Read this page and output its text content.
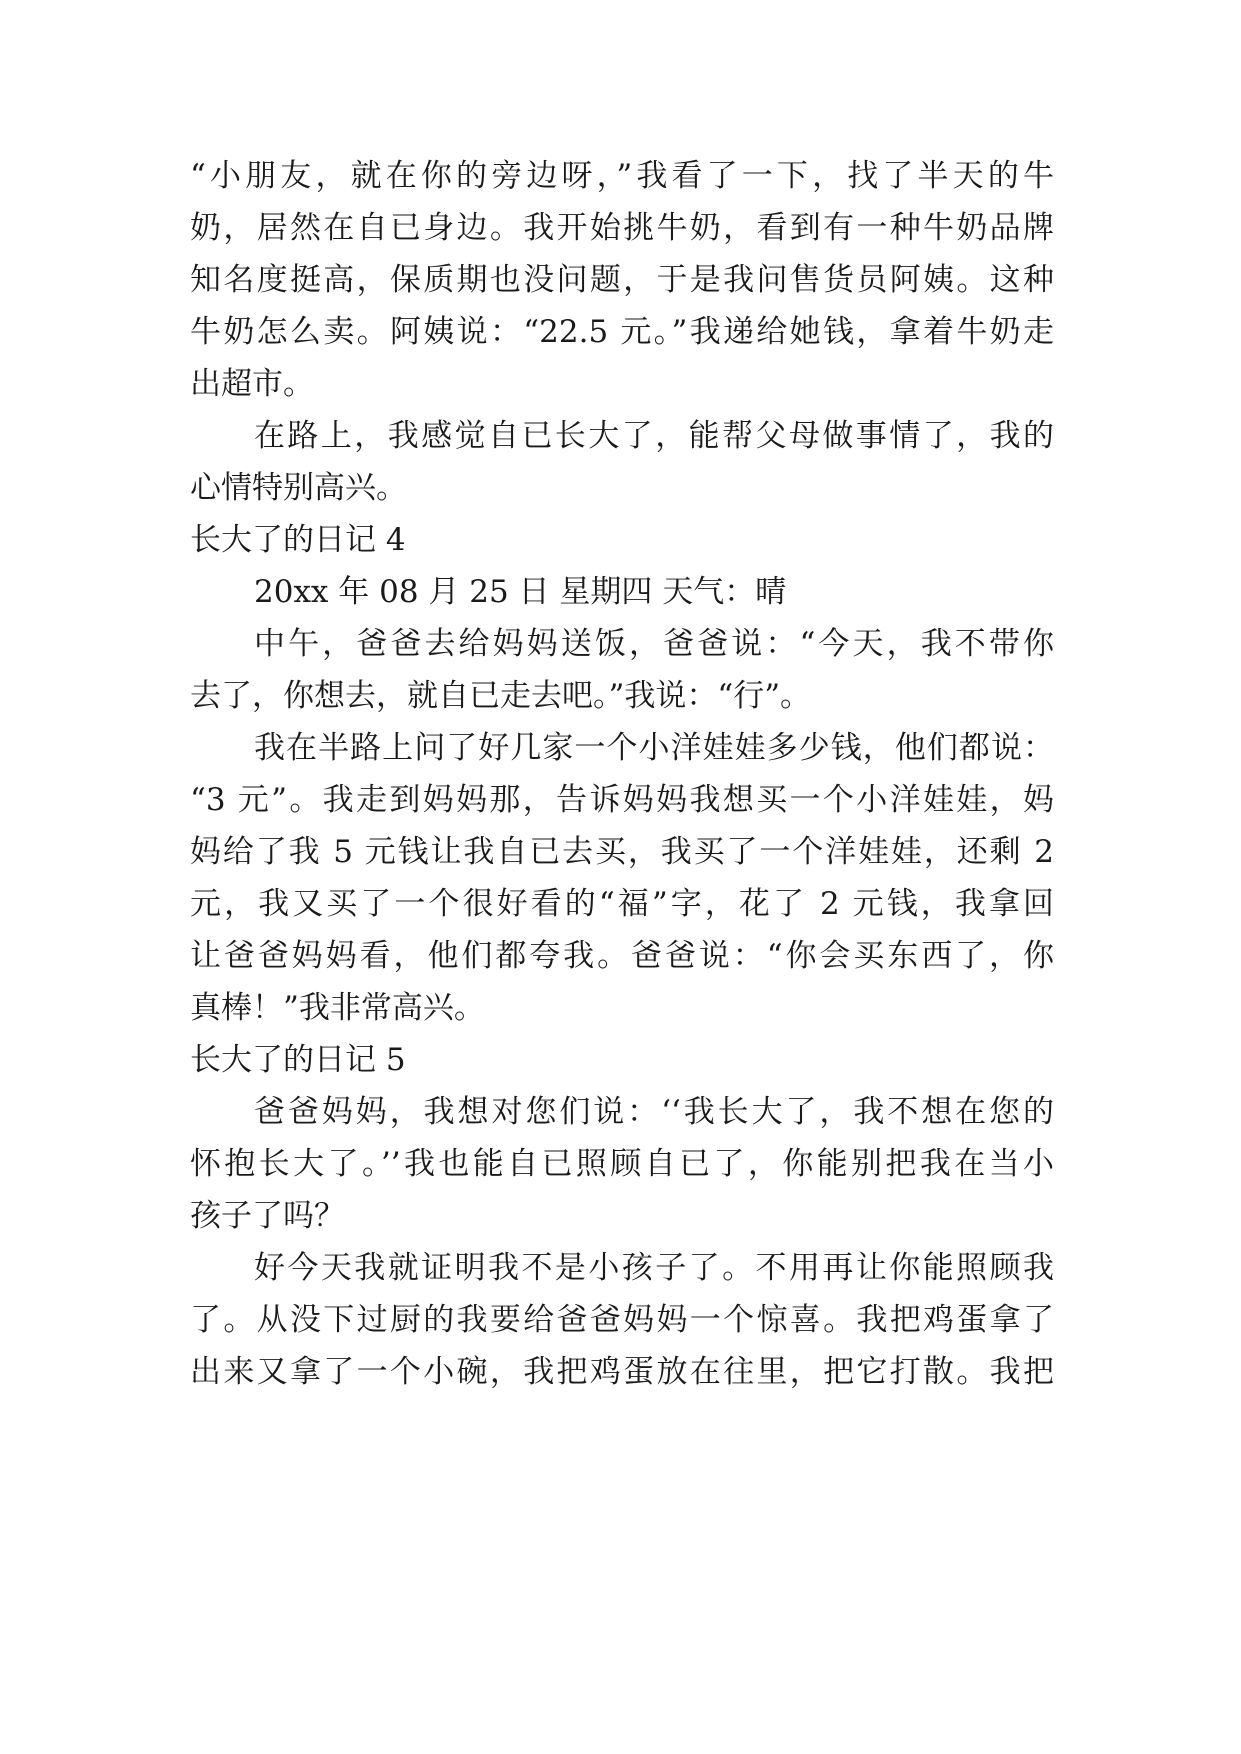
“小朋友，就在你的旁边呀，”我看了一下，找了半天的牛
奶，居然在自已身边。我开始挑牛奶，看到有一种牛奶品牌
知名度挺高，保质期也没问题，于是我问售货员阿姨。这种
牛奶怎么卖。阿姨说：“22.5 元。”我递给她钱，拿着牛奶走
出超市。
在路上，我感觉自已长大了，能帮父母做事情了，我的
心情特别高兴。
长大了的日记 4
20xx 年 08 月 25 日 星期四 天气：晴
中午，爸爸去给妈妈送饭，爸爸说：“今天，我不带你
去了，你想去，就自已走去吧。”我说：“行”。
我在半路上问了好几家一个小洋娃娃多少钱，他们都说：
“3 元”。我走到妈妈那，告诉妈妈我想买一个小洋娃娃，妈
妈给了我 5 元钱让我自已去买，我买了一个洋娃娃，还剩 2
元，我又买了一个很好看的“福”字，花了 2 元钱，我拿回
让爸爸妈妈看，他们都夸我。爸爸说：“你会买东西了，你
真棒！”我非常高兴。
长大了的日记 5
爸爸妈妈，我想对您们说：‘‘我长大了，我不想在您的
怀抱长大了。’’我也能自已照顾自已了，你能别把我在当小
孩子了吗？
好今天我就证明我不是小孩子了。不用再让你能照顾我
了。从没下过厨的我要给爸爸妈妈一个惊喜。我把鸡蛋拿了
出来又拿了一个小碗，我把鸡蛋放在往里，把它打散。我把
